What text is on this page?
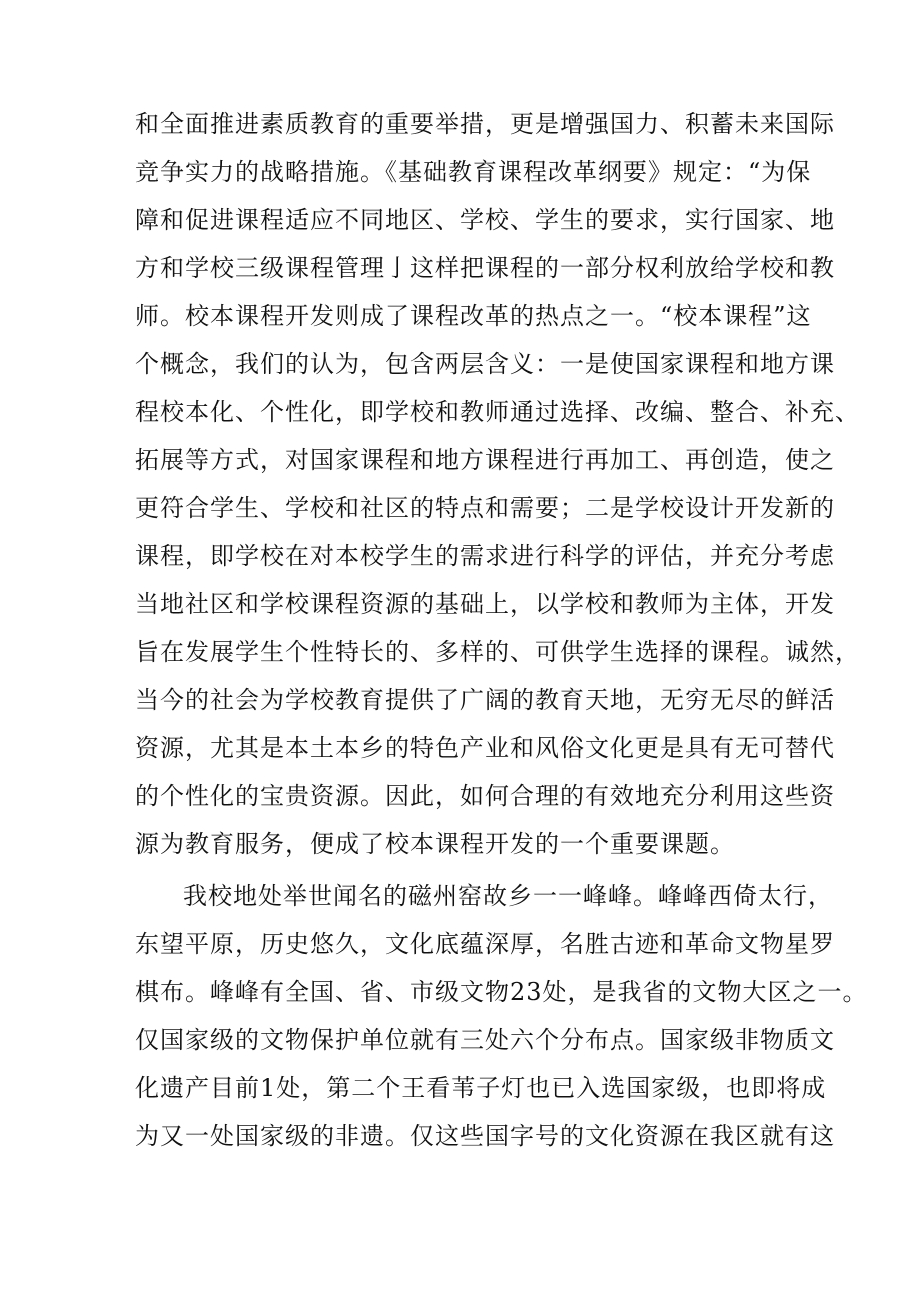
和全面推进素质教育的重要举措，更是增强国力、积蓄未来国际
竞争实力的战略措施。《基础教育课程改革纲要》规定：“为保
障和促进课程适应不同地区、学校、学生的要求，实行国家、地
方和学校三级课程管理亅这样把课程的一部分权利放给学校和教
师。校本课程开发则成了课程改革的热点之一。“校本课程”这
个概念，我们的认为，包含两层含义：一是使国家课程和地方课
程校本化、个性化，即学校和教师通过选择、改编、整合、补充、
拓展等方式，对国家课程和地方课程进行再加工、再创造，使之
更符合学生、学校和社区的特点和需要；二是学校设计开发新的
课程，即学校在对本校学生的需求进行科学的评估，并充分考虑
当地社区和学校课程资源的基础上，以学校和教师为主体，开发
旨在发展学生个性特长的、多样的、可供学生选择的课程。诚然，
当今的社会为学校教育提供了广阔的教育天地，无穷无尽的鲜活
资源，尤其是本土本乡的特色产业和风俗文化更是具有无可替代
的个性化的宝贵资源。因此，如何合理的有效地充分利用这些资
源为教育服务，便成了校本课程开发的一个重要课题。
我校地处举世闻名的磁州窑故乡一一峰峰。峰峰西倚太行，
东望平原，历史悠久，文化底蕴深厚，名胜古迹和革命文物星罗
棋布。峰峰有全国、省、市级文物23处，是我省的文物大区之一。
仅国家级的文物保护单位就有三处六个分布点。国家级非物质文
化遗产目前1处，第二个王看苇子灯也已入选国家级，也即将成
为又一处国家级的非遗。仅这些国字号的文化资源在我区就有这
